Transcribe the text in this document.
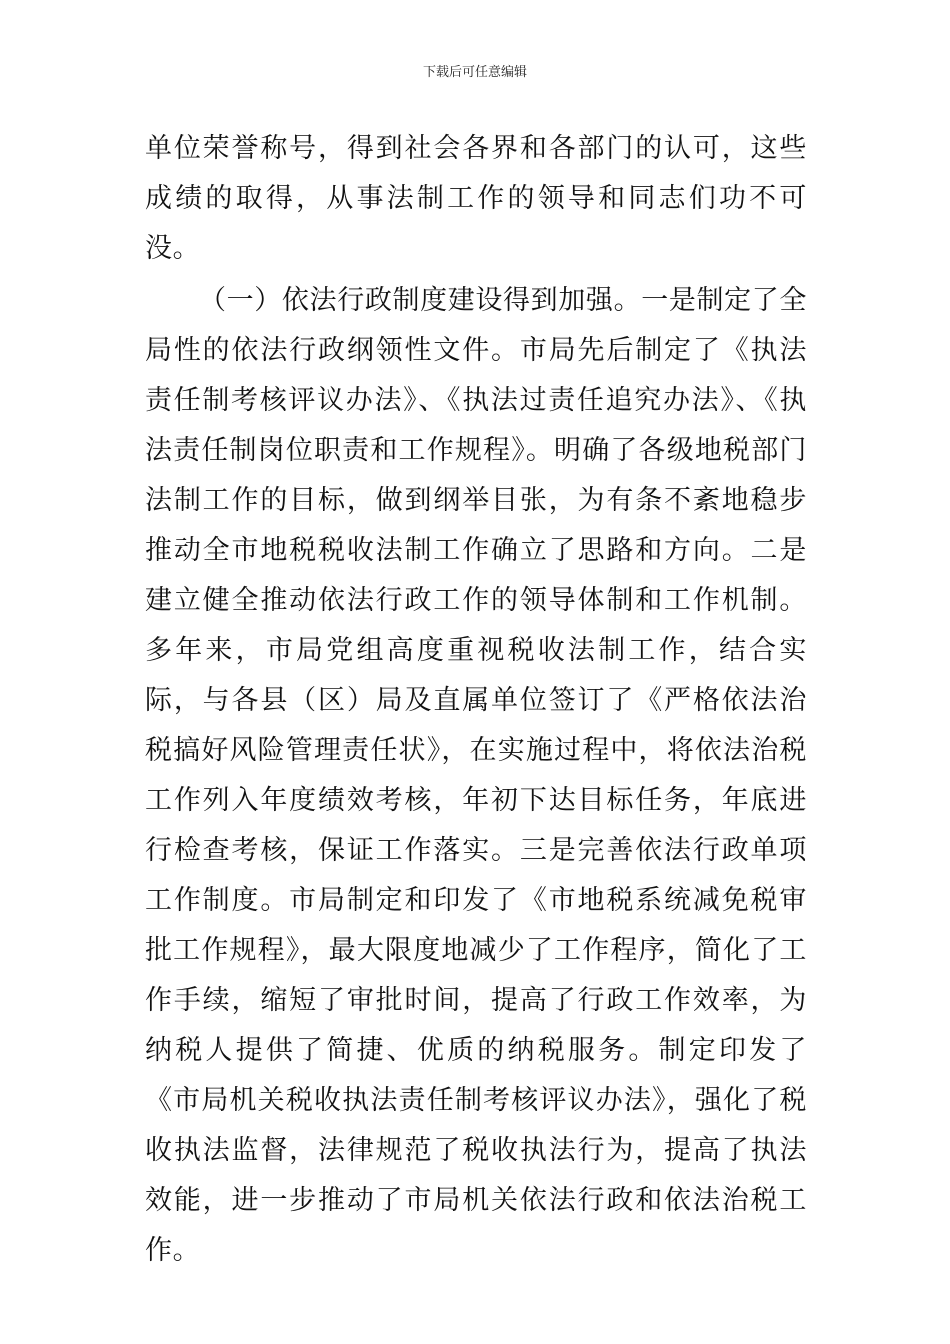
下载后可任意编辑

单位荣誉称号，得到社会各界和各部门的认可，这些成绩的取得，从事法制工作的领导和同志们功不可没。

（一）依法行政制度建设得到加强。一是制定了全局性的依法行政纲领性文件。市局先后制定了《执法责任制考核评议办法》、《执法过责任追究办法》、《执法责任制岗位职责和工作规程》。明确了各级地税部门法制工作的目标，做到纲举目张，为有条不紊地稳步推动全市地税税收法制工作确立了思路和方向。二是建立健全推动依法行政工作的领导体制和工作机制。多年来，市局党组高度重视税收法制工作，结合实际，与各县（区）局及直属单位签订了《严格依法治税搞好风险管理责任状》，在实施过程中，将依法治税工作列入年度绩效考核，年初下达目标任务，年底进行检查考核，保证工作落实。三是完善依法行政单项工作制度。市局制定和印发了《市地税系统减免税审批工作规程》，最大限度地减少了工作程序，简化了工作手续，缩短了审批时间，提高了行政工作效率，为纳税人提供了简捷、优质的纳税服务。制定印发了《市局机关税收执法责任制考核评议办法》，强化了税收执法监督，法律规范了税收执法行为，提高了执法效能，进一步推动了市局机关依法行政和依法治税工作。
